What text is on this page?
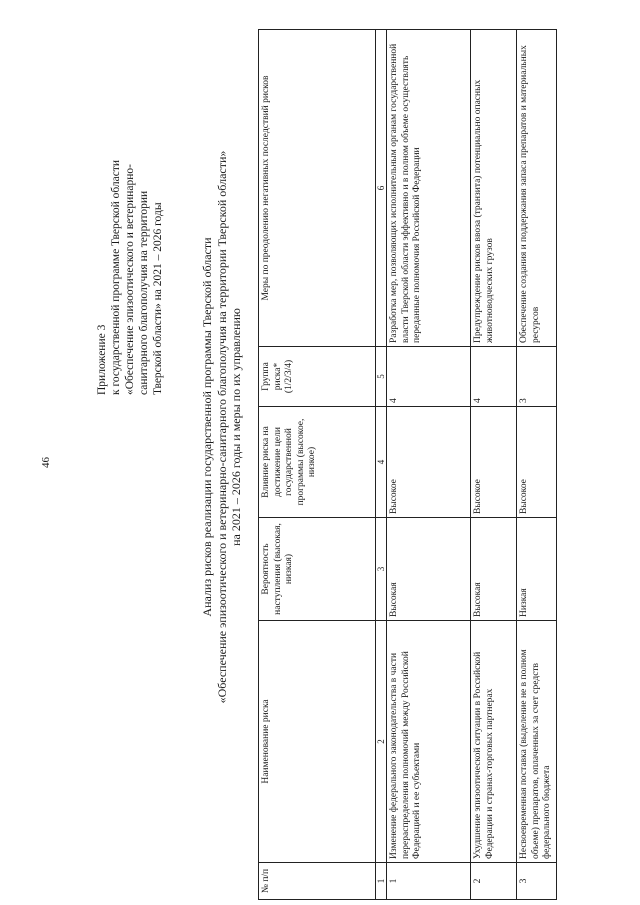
46
Приложение 3 к государственной программе Тверской области «Обеспечение эпизоотического и ветеринарно- санитарного благополучия на территории Тверской области» на 2021 – 2026 годы	Анализ рисков реализации государственной программы Тверской области «Обеспечение эпизоотического и ветеринарно-санитарного благополучия на территории Тверской области» на 2021 – 2026 годы и меры по их управлению
№ п/п	Наименование риска	Вероятность наступления (высокая, низкая)	Влияние риска на достижение цели государственной программы (высокое, низкое)	Группа риска* (1/2/3/4)	Меры по преодолению негативных последствий рисков
1	2	3	4	5	6
1	Изменение федерального законодательства в части перераспределения полномочий между Российской Федерацией и ее субъектами	Высокая	Высокое	4	Разработка мер, позволяющих исполнительным органам государственной власти Тверской области эффективно и в полном объеме осуществлять переданные полномочия Российской Федерации
2	Ухудшение эпизоотической ситуации в Российской Федерации и странах-торговых партнерах	Высокая	Высокое	4	Предупреждение рисков ввоза (транзита) потенциально опасных животноводческих грузов
3	Несвоевременная поставка (выделение не в полном объеме) препаратов, оплаченных за счет средств федерального бюджета	Низкая	Высокое	3	Обеспечение создания и поддержания запаса препаратов и материальных ресурсов
